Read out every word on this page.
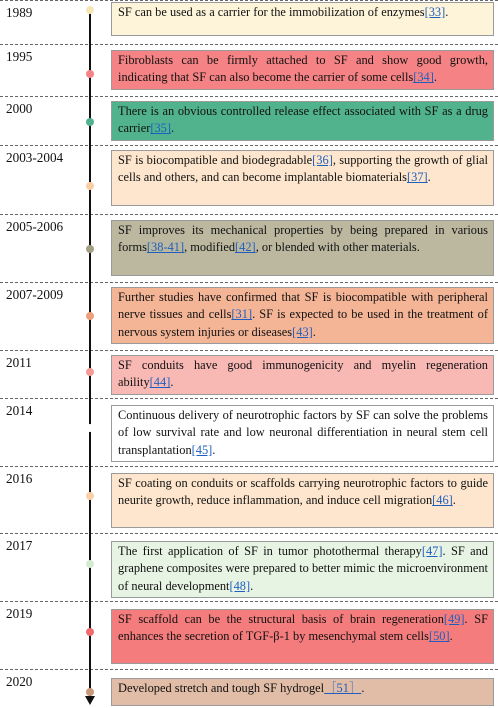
1989	SF can be used as a carrier for the immobilization of enzymes[33].
1995	Fibroblasts can be firmly attached to SF and show good growth, indicating that SF can also become the carrier of some cells[34].
2000	There is an obvious controlled release effect associated with SF as a drug carrier[35].
2003-2004	SF is biocompatible and biodegradable[36], supporting the growth of glial cells and others, and can become implantable biomaterials[37].
2005-2006	SF improves its mechanical properties by being prepared in various forms[38-41], modified[42], or blended with other materials.
2007-2009	Further studies have confirmed that SF is biocompatible with peripheral nerve tissues and cells[31]. SF is expected to be used in the treatment of nervous system injuries or diseases[43].
2011	SF conduits have good immunogenicity and myelin regeneration ability[44].
2014	Continuous delivery of neurotrophic factors by SF can solve the problems of low survival rate and low neuronal differentiation in neural stem cell transplantation[45].
2016	SF coating on conduits or scaffolds carrying neurotrophic factors to guide neurite growth, reduce inflammation, and induce cell migration[46].
2017	The first application of SF in tumor photothermal therapy[47]. SF and graphene composites were prepared to better mimic the microenvironment of neural development[48].
2019	SF scaffold can be the structural basis of brain regeneration[49]. SF enhances the secretion of TGF-β-1 by mesenchymal stem cells[50].
2020	Developed stretch and tough SF hydrogel［51］.
